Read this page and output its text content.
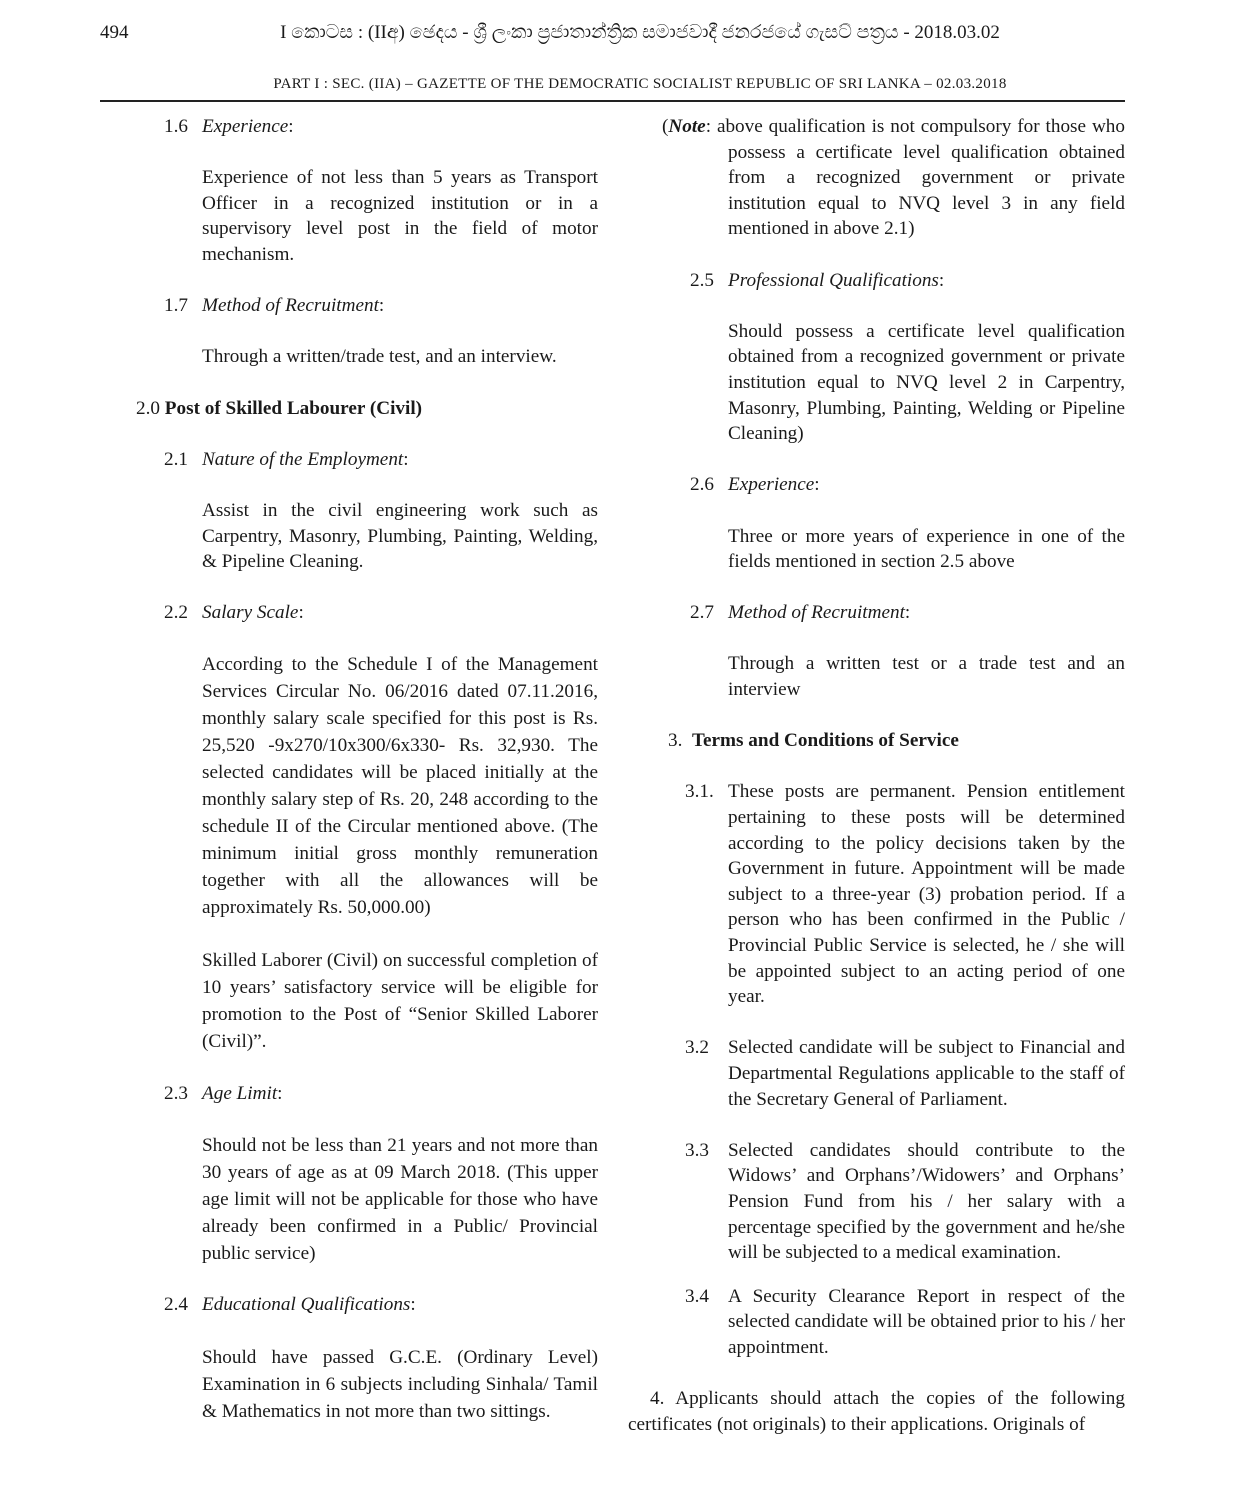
494	I කොටස : (IIඅ) ඡෙදය - ශ්‍රී ලංකා ප්‍රජාතාන්ත්‍රික සමාජවාදී ජනරජයේ ගැසට් පත්‍රය - 2018.03.02
PART I : SEC. (IIA) – GAZETTE OF THE DEMOCRATIC SOCIALIST REPUBLIC OF SRI LANKA – 02.03.2018
1.6 Experience :
Experience of not less than 5 years as Transport Officer in a recognized institution or in a supervisory level post in the field of motor mechanism.
1.7 Method of Recruitment :
Through a written/trade test, and an interview.
2.0 Post of Skilled Labourer (Civil)
2.1 Nature of the Employment :
Assist in the civil engineering work such as Carpentry, Masonry, Plumbing, Painting, Welding, & Pipeline Cleaning.
2.2 Salary Scale :
According to the Schedule I of the Management Services Circular No. 06/2016 dated 07.11.2016, monthly salary scale specified for this post is Rs. 25,520 -9x270/10x300/6x330- Rs. 32,930. The selected candidates will be placed initially at the monthly salary step of Rs. 20, 248 according to the schedule II of the Circular mentioned above. (The minimum initial gross monthly remuneration together with all the allowances will be approximately Rs. 50,000.00)
Skilled Laborer (Civil) on successful completion of 10 years’ satisfactory service will be eligible for promotion to the Post of “Senior Skilled Laborer (Civil)”.
2.3 Age Limit :
Should not be less than 21 years and not more than 30 years of age as at 09 March 2018. (This upper age limit will not be applicable for those who have already been confirmed in a Public/ Provincial public service)
2.4 Educational Qualifications :
Should have passed G.C.E. (Ordinary Level) Examination in 6 subjects including Sinhala/ Tamil & Mathematics in not more than two sittings.
(Note: above qualification is not compulsory for those who possess a certificate level qualification obtained from a recognized government or private institution equal to NVQ level 3 in any field mentioned in above 2.1)
2.5 Professional Qualifications :
Should possess a certificate level qualification obtained from a recognized government or private institution equal to NVQ level 2 in Carpentry, Masonry, Plumbing, Painting, Welding or Pipeline Cleaning)
2.6 Experience :
Three or more years of experience in one of the fields mentioned in section 2.5 above
2.7 Method of Recruitment :
Through a written test or a trade test and an interview
3. Terms and Conditions of Service
3.1. These posts are permanent. Pension entitlement pertaining to these posts will be determined according to the policy decisions taken by the Government in future. Appointment will be made subject to a three-year (3) probation period. If a person who has been confirmed in the Public / Provincial Public Service is selected, he / she will be appointed subject to an acting period of one year.
3.2 Selected candidate will be subject to Financial and Departmental Regulations applicable to the staff of the Secretary General of Parliament.
3.3 Selected candidates should contribute to the Widows’ and Orphans’/Widowers’ and Orphans’ Pension Fund from his / her salary with a percentage specified by the government and he/she will be subjected to a medical examination.
3.4 A Security Clearance Report in respect of the selected candidate will be obtained prior to his / her appointment.
4. Applicants should attach the copies of the following certificates (not originals) to their applications. Originals of
